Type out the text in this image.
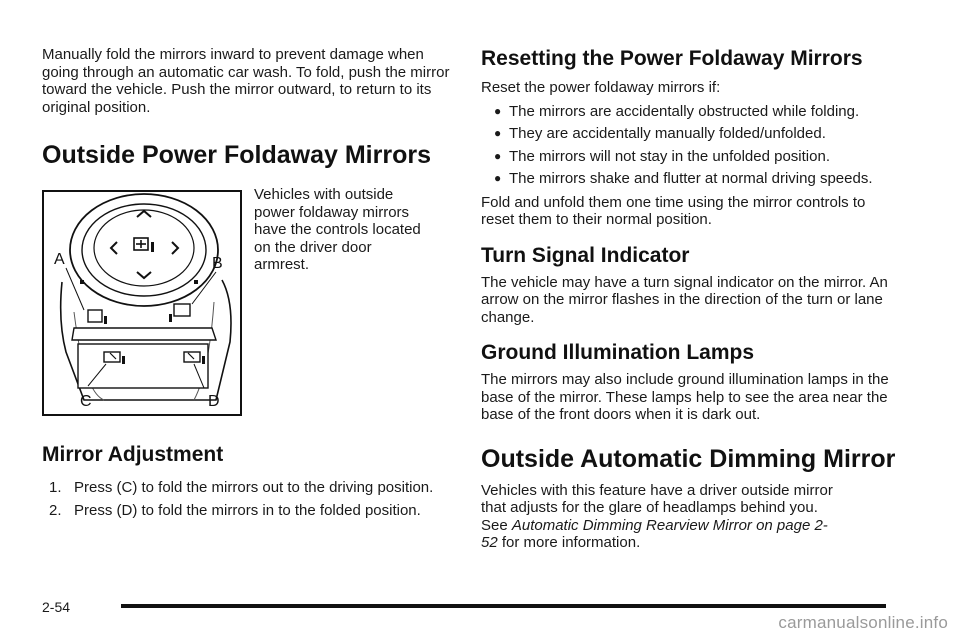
Manually fold the mirrors inward to prevent damage when going through an automatic car wash. To fold, push the mirror toward the vehicle. Push the mirror outward, to return to its original position.

Outside Power Foldaway Mirrors
A	B
C	D

Vehicles with outside power foldaway mirrors have the controls located on the driver door armrest.

Mirror Adjustment
1. Press (C) to fold the mirrors out to the driving position.
2. Press (D) to fold the mirrors in to the folded position.
Resetting the Power Foldaway Mirrors

Reset the power foldaway mirrors if:

● The mirrors are accidentally obstructed while folding.
● They are accidentally manually folded/unfolded.
● The mirrors will not stay in the unfolded position.
● The mirrors shake and flutter at normal driving speeds.

Fold and unfold them one time using the mirror controls to reset them to their normal position.

Turn Signal Indicator

The vehicle may have a turn signal indicator on the mirror. An arrow on the mirror flashes in the direction of the turn or lane change.

Ground Illumination Lamps

The mirrors may also include ground illumination lamps in the base of the mirror. These lamps help to see the area near the base of the front doors when it is dark out.

Outside Automatic Dimming Mirror

Vehicles with this feature have a driver outside mirror that adjusts for the glare of headlamps behind you. See Automatic Dimming Rearview Mirror on page 2-52 for more information.

2-54
carmanualsonline.info
